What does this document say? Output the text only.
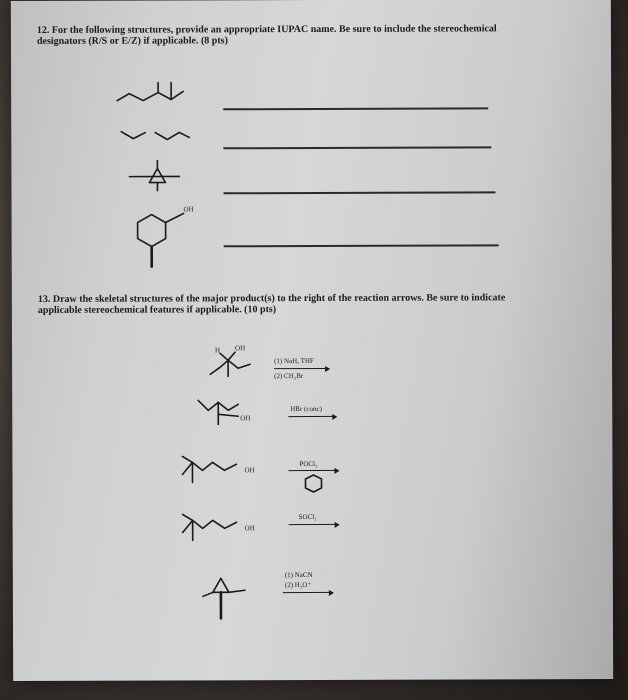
12. For the following structures, provide an appropriate IUPAC name. Be sure to include the stereochemical
designators (R/S or E/Z) if applicable. (8 pts)
OH
H OH
OH
OH
OH
13. Draw the skeletal structures of the major product(s) to the right of the reaction arrows. Be sure to indicate
applicable stereochemical features if applicable. (10 pts)
(1) NaH, THF
(2) CH₃Br
HBr (conc)
POCl₃
SOCl₂
(1) NaCN
(2) H₃O⁺
